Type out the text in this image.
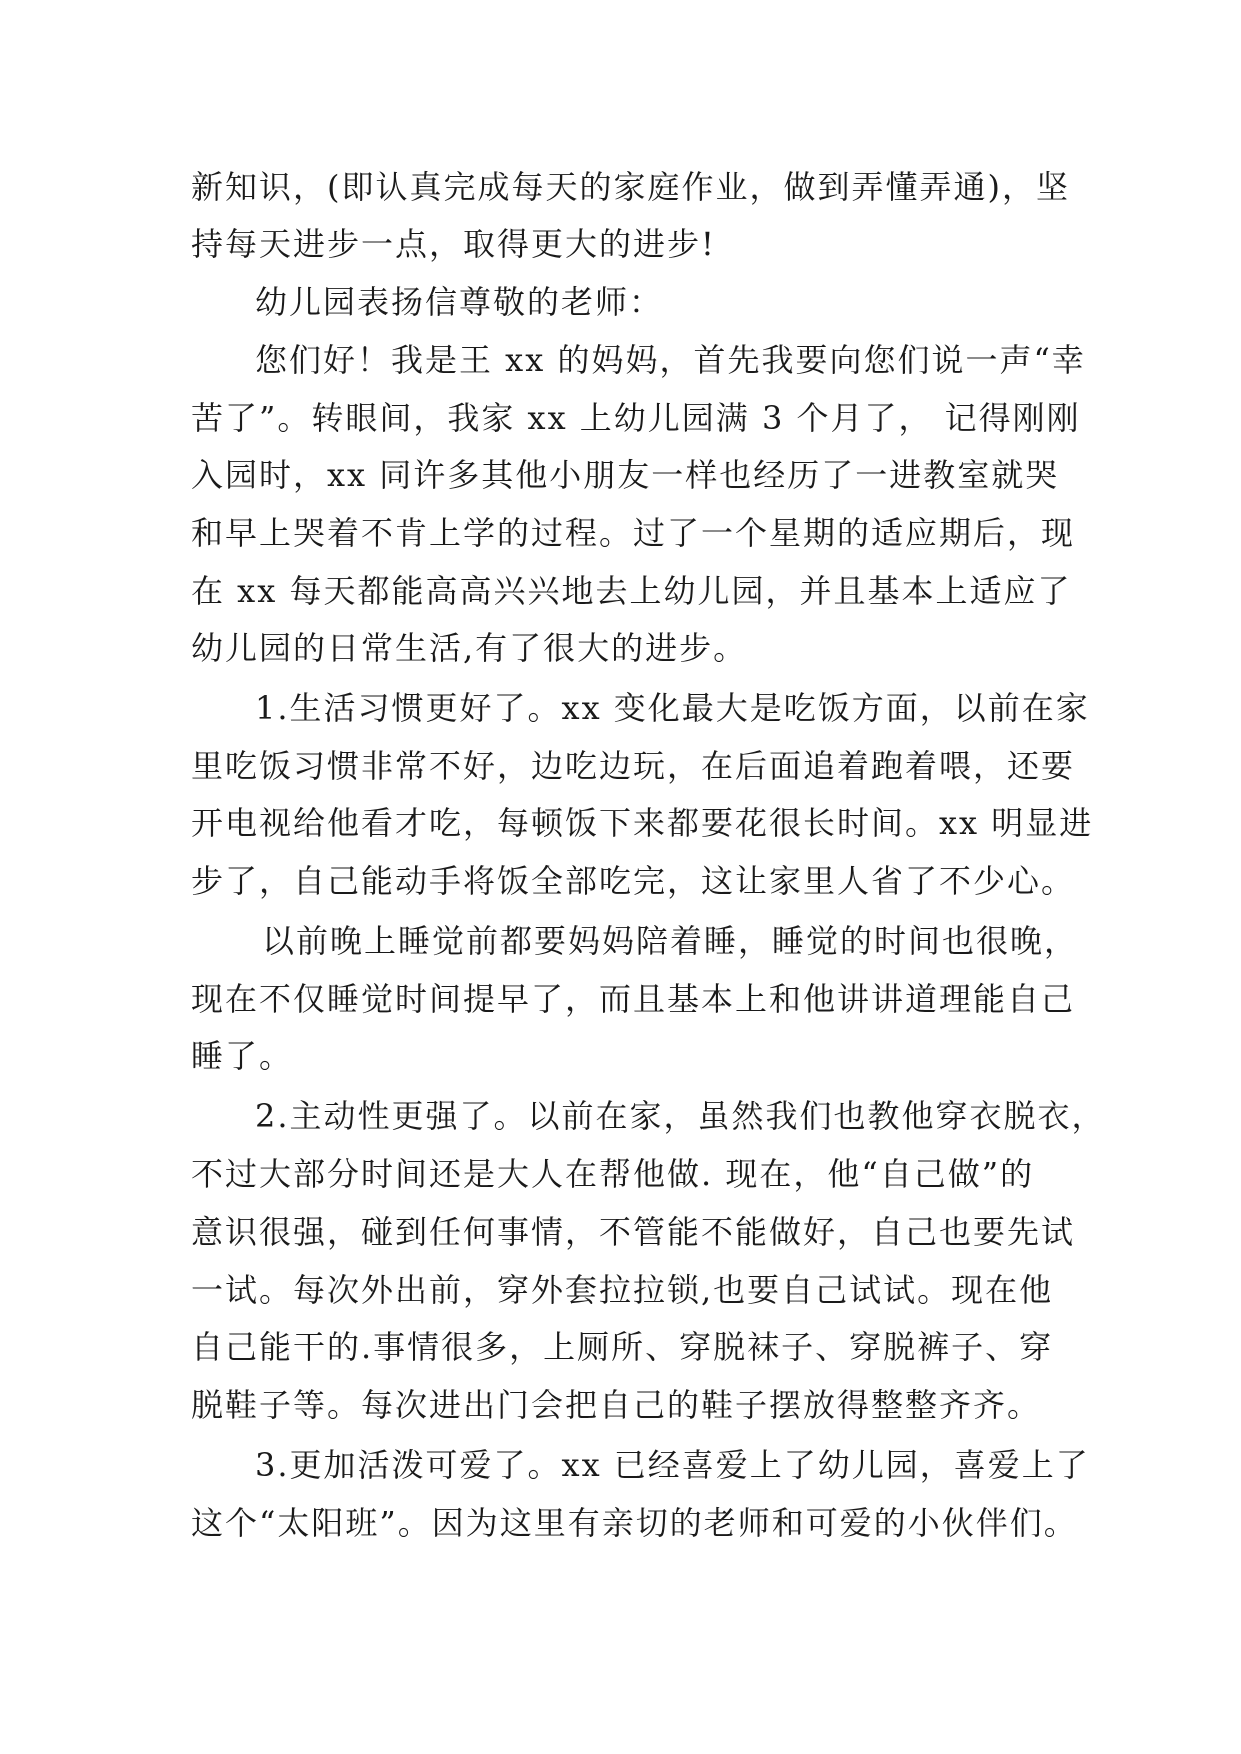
新知识，(即认真完成每天的家庭作业，做到弄懂弄通)，坚
持每天进步一点，取得更大的进步!
幼儿园表扬信尊敬的老师：
您们好！我是王 xx 的妈妈，首先我要向您们说一声“幸
苦了”。转眼间，我家 xx 上幼儿园满 3 个月了， 记得刚刚
入园时，xx 同许多其他小朋友一样也经历了一进教室就哭
和早上哭着不肯上学的过程。过了一个星期的适应期后，现
在 xx 每天都能高高兴兴地去上幼儿园，并且基本上适应了
幼儿园的日常生活,有了很大的进步。
1.生活习惯更好了。xx 变化最大是吃饭方面，以前在家
里吃饭习惯非常不好，边吃边玩，在后面追着跑着喂，还要
开电视给他看才吃，每顿饭下来都要花很长时间。xx 明显进
步了，自己能动手将饭全部吃完，这让家里人省了不少心。
以前晚上睡觉前都要妈妈陪着睡，睡觉的时间也很晚，
现在不仅睡觉时间提早了，而且基本上和他讲讲道理能自己
睡了。
2.主动性更强了。以前在家，虽然我们也教他穿衣脱衣，
不过大部分时间还是大人在帮他做. 现在，他“自己做”的
意识很强，碰到任何事情，不管能不能做好，自己也要先试
一试。每次外出前，穿外套拉拉锁,也要自己试试。现在他
自己能干的.事情很多，上厕所、穿脱袜子、穿脱裤子、穿
脱鞋子等。每次进出门会把自己的鞋子摆放得整整齐齐。
3.更加活泼可爱了。xx 已经喜爱上了幼儿园，喜爱上了
这个“太阳班”。因为这里有亲切的老师和可爱的小伙伴们。
